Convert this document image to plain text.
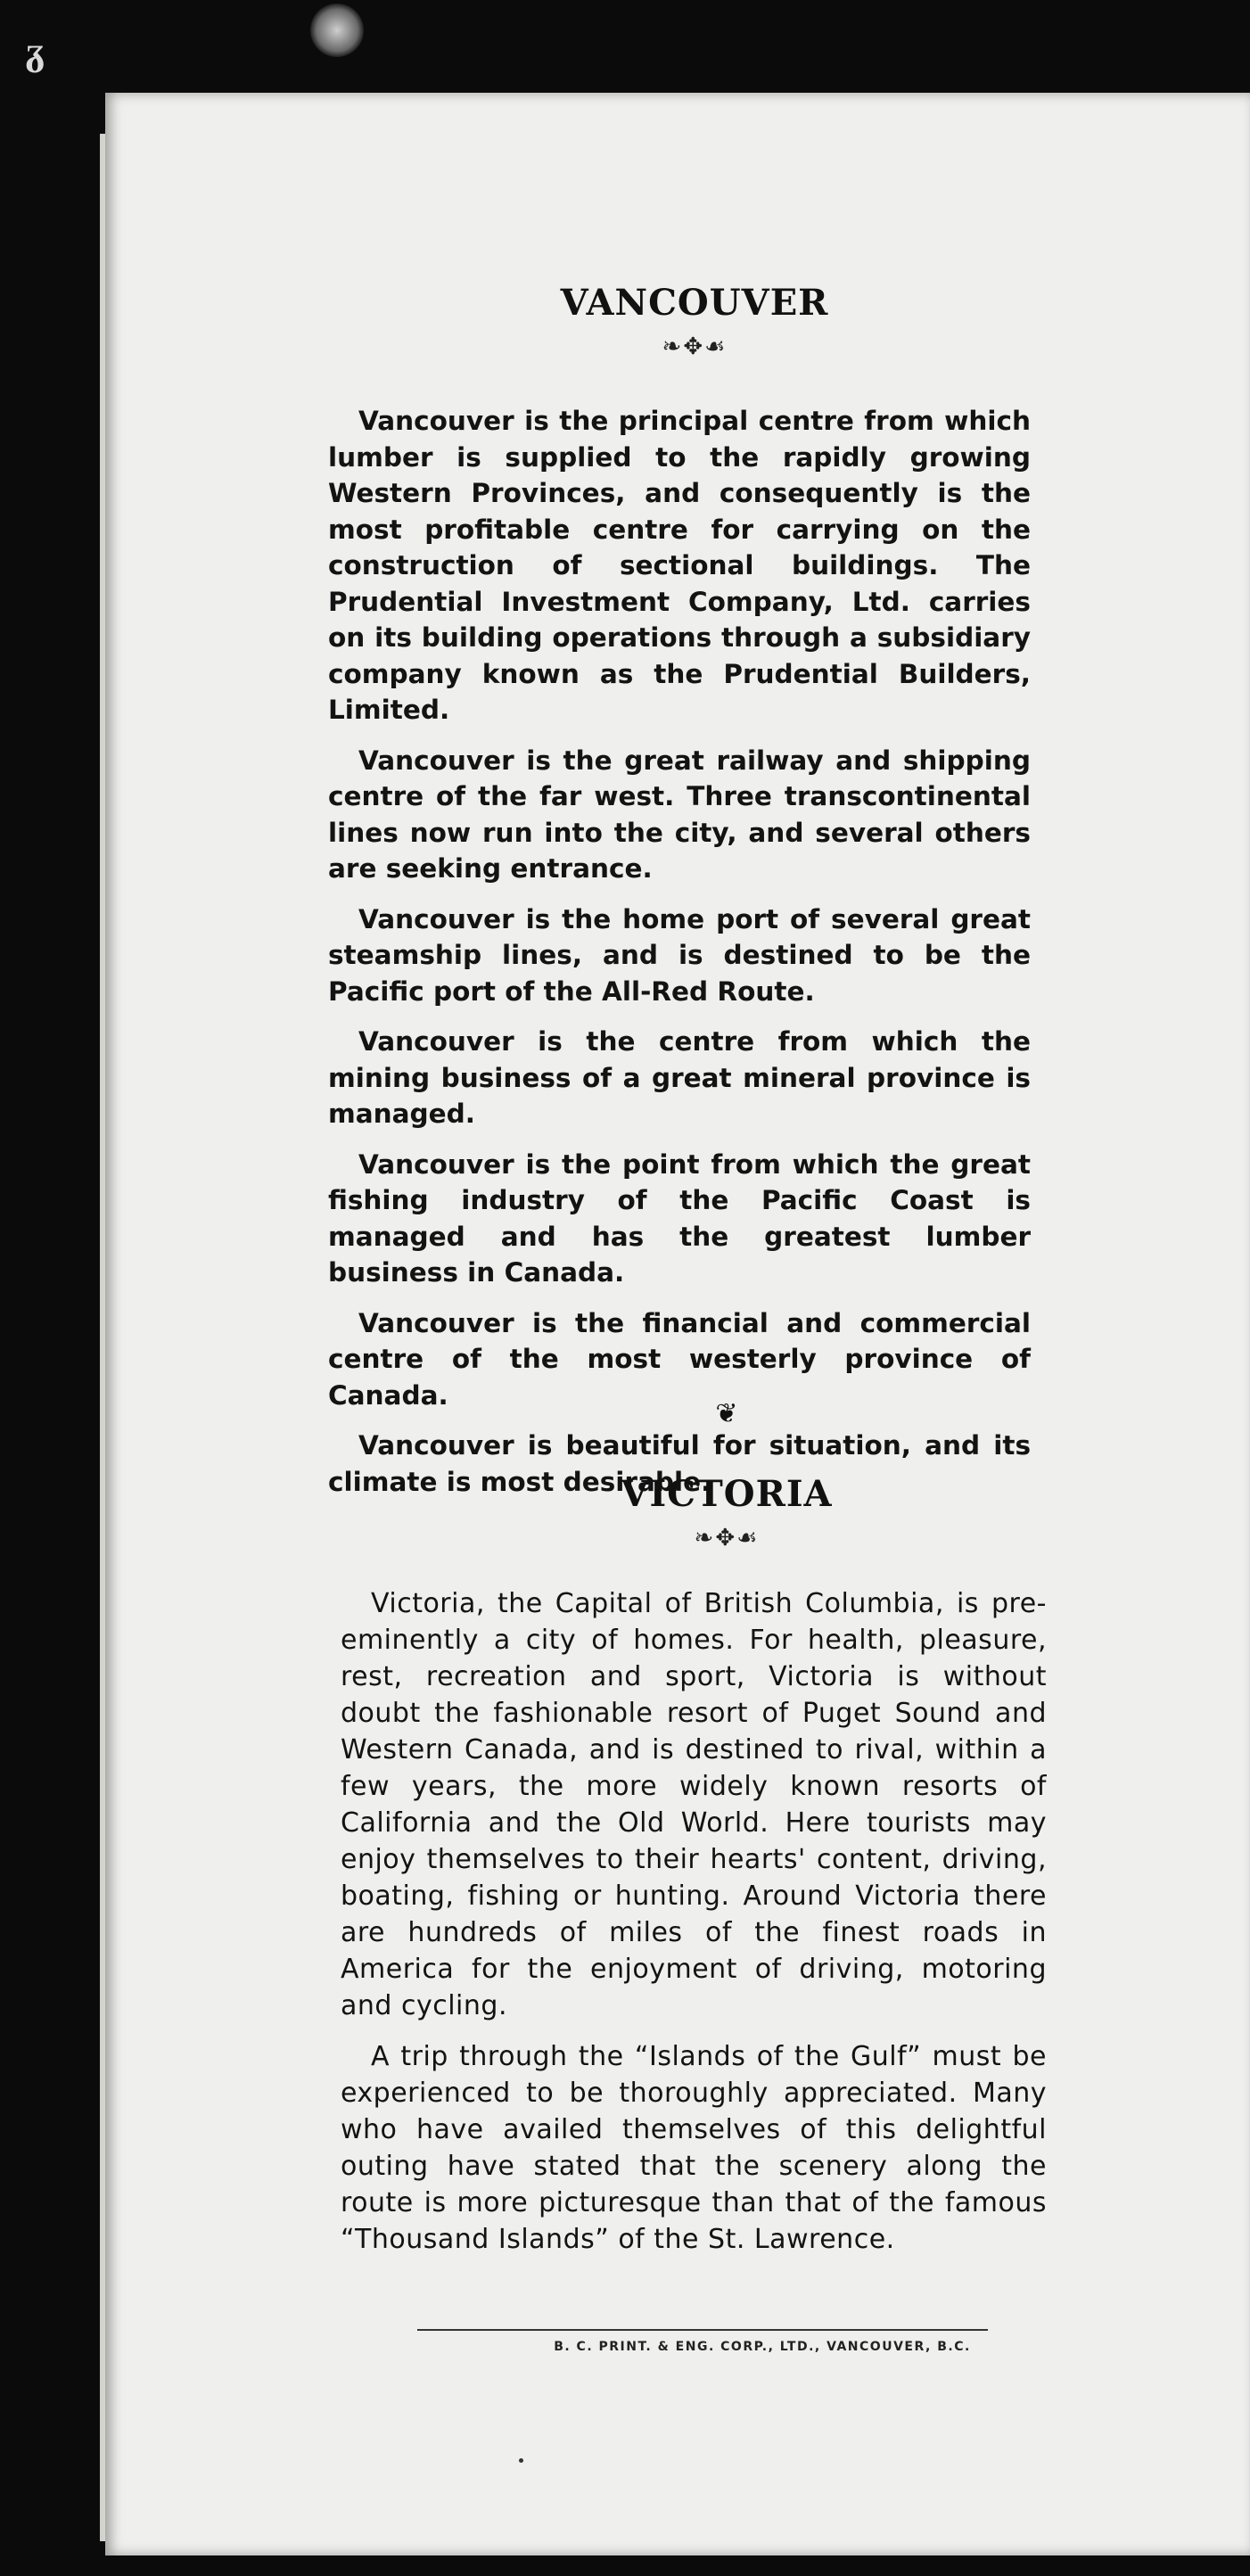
ᵹ
VANCOUVER
❧✥☙

Vancouver is the principal centre from which lumber is supplied to the rapidly growing Western Provinces, and consequently is the most profitable centre for carrying on the construction of sectional buildings. The Prudential Investment Company, Ltd. carries on its building operations through a subsidiary company known as the Prudential Builders, Limited.

Vancouver is the great railway and shipping centre of the far west. Three transcontinental lines now run into the city, and several others are seeking entrance.

Vancouver is the home port of several great steamship lines, and is destined to be the Pacific port of the All-Red Route.

Vancouver is the centre from which the mining business of a great mineral province is managed.

Vancouver is the point from which the great fishing industry of the Pacific Coast is managed and has the greatest lumber business in Canada.

Vancouver is the financial and commercial centre of the most westerly province of Canada.

Vancouver is beautiful for situation, and its climate is most desirable.

❦
VICTORIA
❧✥☙

Victoria, the Capital of British Columbia, is pre-eminently a city of homes. For health, pleasure, rest, recreation and sport, Victoria is without doubt the fashionable resort of Puget Sound and Western Canada, and is destined to rival, within a few years, the more widely known resorts of California and the Old World. Here tourists may enjoy themselves to their hearts' content, driving, boating, fishing or hunting. Around Victoria there are hundreds of miles of the finest roads in America for the enjoyment of driving, motoring and cycling.

A trip through the “Islands of the Gulf” must be experienced to be thoroughly appreciated. Many who have availed themselves of this delightful outing have stated that the scenery along the route is more picturesque than that of the famous “Thousand Islands” of the St. Lawrence.

B. C. PRINT. & ENG. CORP., LTD., VANCOUVER, B.C.
